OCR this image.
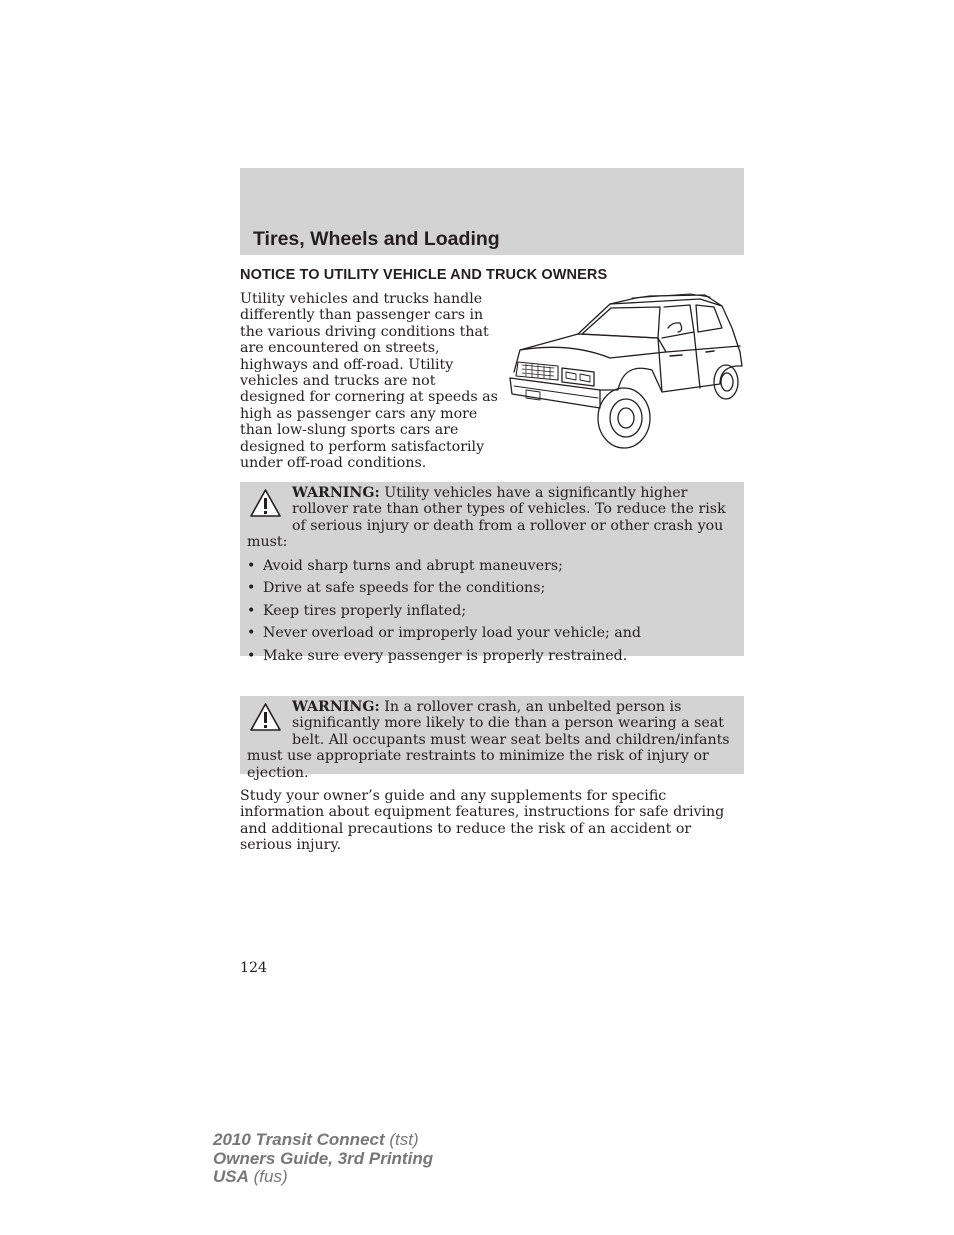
Tires, Wheels and Loading
NOTICE TO UTILITY VEHICLE AND TRUCK OWNERS

Utility vehicles and trucks handle differently than passenger cars in the various driving conditions that are encountered on streets, highways and off-road. Utility vehicles and trucks are not designed for cornering at speeds as high as passenger cars any more than low-slung sports cars are designed to perform satisfactorily under off-road conditions.

WARNING: Utility vehicles have a significantly higher rollover rate than other types of vehicles. To reduce the risk of serious injury or death from a rollover or other crash you must:

• Avoid sharp turns and abrupt maneuvers;
• Drive at safe speeds for the conditions;
• Keep tires properly inflated;
• Never overload or improperly load your vehicle; and
• Make sure every passenger is properly restrained.

WARNING: In a rollover crash, an unbelted person is significantly more likely to die than a person wearing a seat belt. All occupants must wear seat belts and children/infants must use appropriate restraints to minimize the risk of injury or ejection.

Study your owner’s guide and any supplements for specific information about equipment features, instructions for safe driving and additional precautions to reduce the risk of an accident or serious injury.

124

2010 Transit Connect (tst)
Owners Guide, 3rd Printing
USA (fus)
